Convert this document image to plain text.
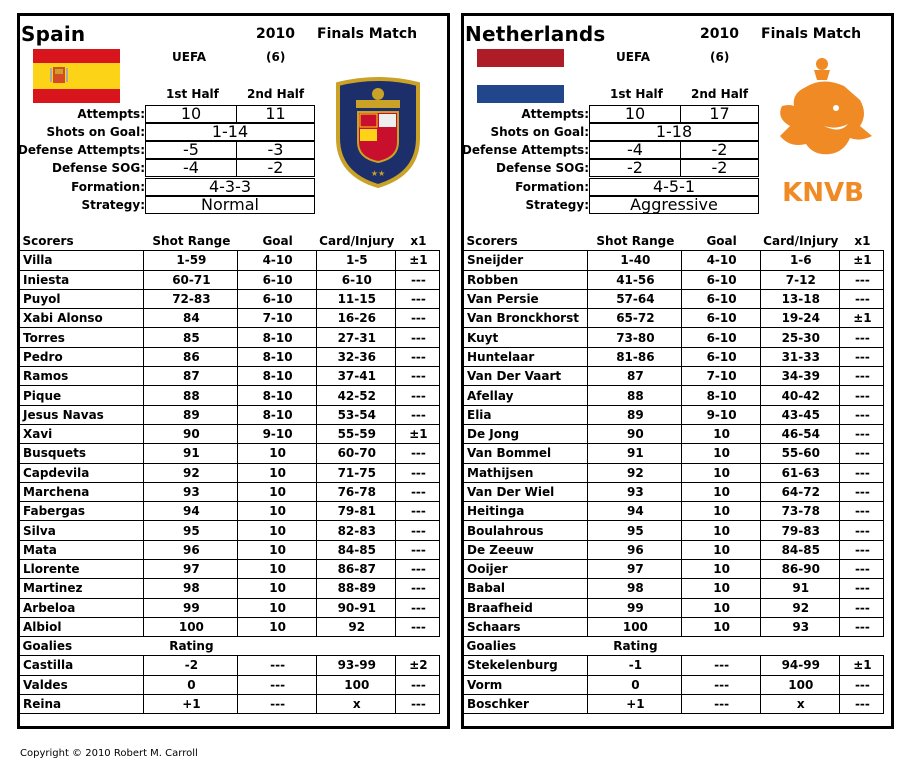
Spain	2010 Finals Match
UEFA	(6)
1st Half 2nd Half
Attempts:	10	11
Shots on Goal:	1-14
Defense Attempts:	-5	-3
Defense SOG:	-4	-2
Formation:	4-3-3
Strategy:	Normal
★★
Scorers	Shot Range	Goal	Card/Injury	x1
Villa	1-59	4-10	1-5	±1
Iniesta	60-71	6-10	6-10	---
Puyol	72-83	6-10	11-15	---
Xabi Alonso	84	7-10	16-26	---
Torres	85	8-10	27-31	---
Pedro	86	8-10	32-36	---
Ramos	87	8-10	37-41	---
Pique	88	8-10	42-52	---
Jesus Navas	89	8-10	53-54	---
Xavi	90	9-10	55-59	±1
Busquets	91	10	60-70	---
Capdevila	92	10	71-75	---
Marchena	93	10	76-78	---
Fabergas	94	10	79-81	---
Silva	95	10	82-83	---
Mata	96	10	84-85	---
Llorente	97	10	86-87	---
Martinez	98	10	88-89	---
Arbeloa	99	10	90-91	---
Albiol	100	10	92	---
Goalies	Rating			
Castilla	-2	---	93-99	±2
Valdes	0	---	100	---
Reina	+1	---	x	---
Netherlands	2010 Finals Match
UEFA	(6)
1st Half 2nd Half
Attempts:	10	17
Shots on Goal:	1-18
Defense Attempts:	-4	-2
Defense SOG:	-2	-2
Formation:	4-5-1
Strategy:	Aggressive	KNVB
Scorers	Shot Range	Goal	Card/Injury	x1
Sneijder	1-40	4-10	1-6	±1
Robben	41-56	6-10	7-12	---
Van Persie	57-64	6-10	13-18	---
Van Bronckhorst	65-72	6-10	19-24	±1
Kuyt	73-80	6-10	25-30	---
Huntelaar	81-86	6-10	31-33	---
Van Der Vaart	87	7-10	34-39	---
Afellay	88	8-10	40-42	---
Elia	89	9-10	43-45	---
De Jong	90	10	46-54	---
Van Bommel	91	10	55-60	---
Mathijsen	92	10	61-63	---
Van Der Wiel	93	10	64-72	---
Heitinga	94	10	73-78	---
Boulahrous	95	10	79-83	---
De Zeeuw	96	10	84-85	---
Ooijer	97	10	86-90	---
Babal	98	10	91	---
Braafheid	99	10	92	---
Schaars	100	10	93	---
Goalies	Rating			
Stekelenburg	-1	---	94-99	±1
Vorm	0	---	100	---
Boschker	+1	---	x	---
Copyright © 2010 Robert M. Carroll
